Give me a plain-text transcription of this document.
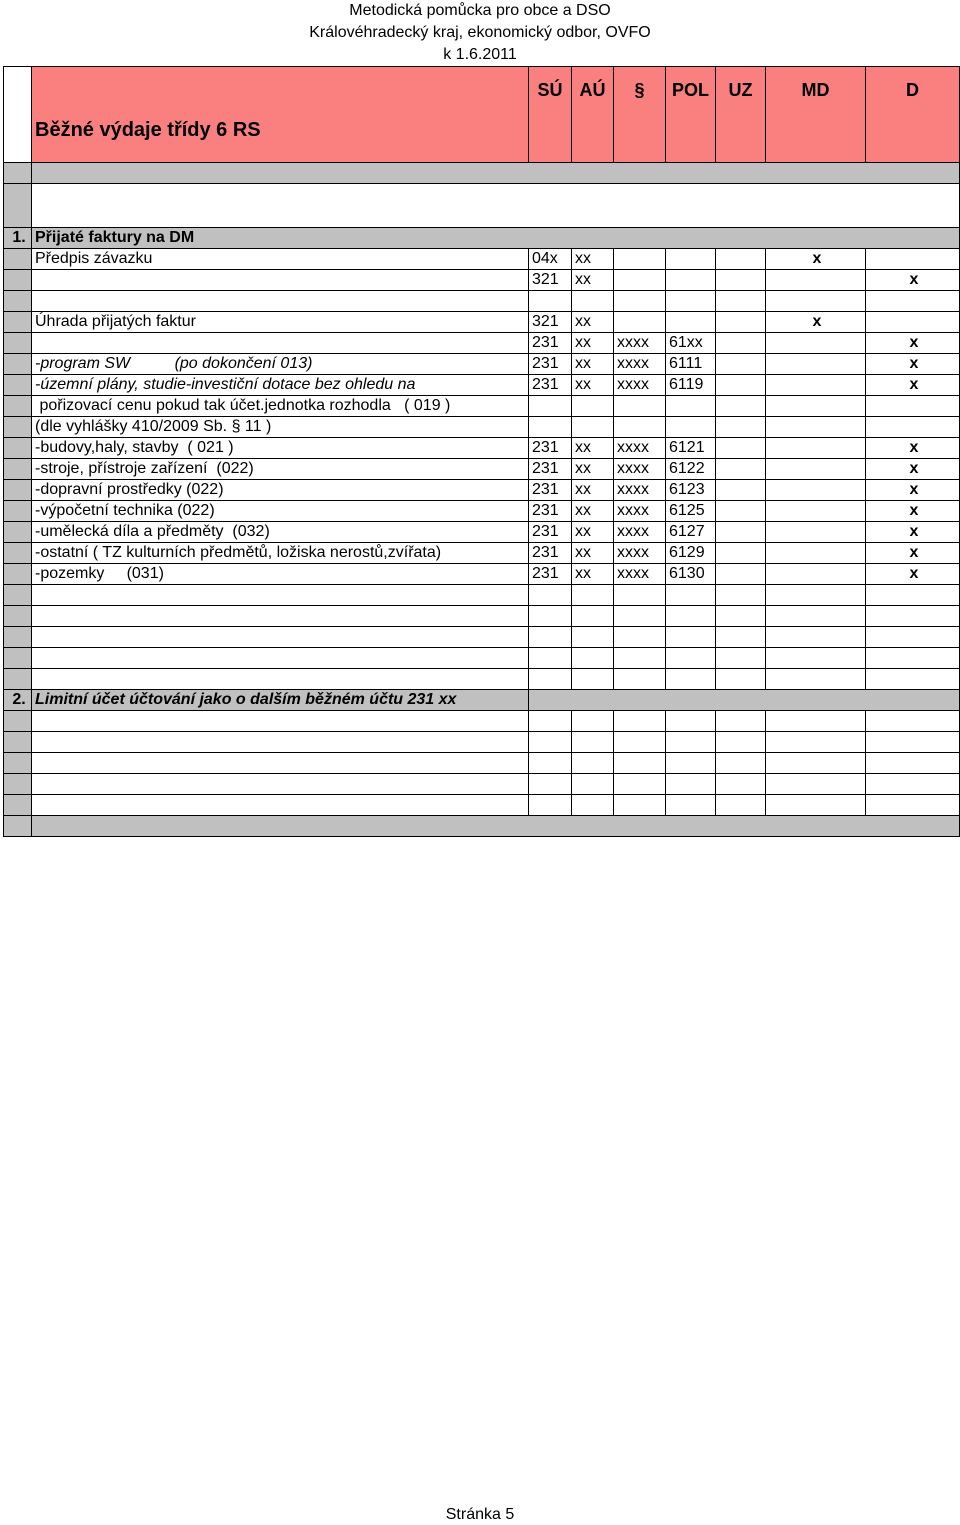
Metodická pomůcka pro obce a DSO
Královéhradecký kraj, ekonomický odbor, OVFO
k 1.6.2011
	Běžné výdaje třídy 6 RS	SÚ	AÚ	§	POL	UZ	MD	D

1.	Přijaté faktury na DM							
	Předpis závazku	04x	xx				x	
		321	xx					x

	Úhrada přijatých faktur	321	xx				x	
		231	xx	xxxx	61xx			x
	-program SW          (po dokončení 013)	231	xx	xxxx	6111			x
	-územní plány, studie-investiční dotace bez ohledu na	231	xx	xxxx	6119			x
	pořizovací cenu pokud tak účet.jednotka rozhodla   ( 019 )							
	(dle vyhlášky 410/2009 Sb. § 11 )							
	-budovy,haly, stavby  ( 021 )	231	xx	xxxx	6121			x
	-stroje, přístroje zařízení  (022)	231	xx	xxxx	6122			x
	-dopravní prostředky (022)	231	xx	xxxx	6123			x
	-výpočetní technika (022)	231	xx	xxxx	6125			x
	-umělecká díla a předměty  (032)	231	xx	xxxx	6127			x
	-ostatní ( TZ kulturních předmětů, ložiska nerostů,zvířata)	231	xx	xxxx	6129			x
	-pozemky     (031)	231	xx	xxxx	6130			x

2.	Limitní účet účtování jako o dalším běžném účtu 231 xx							

Stránka 5
